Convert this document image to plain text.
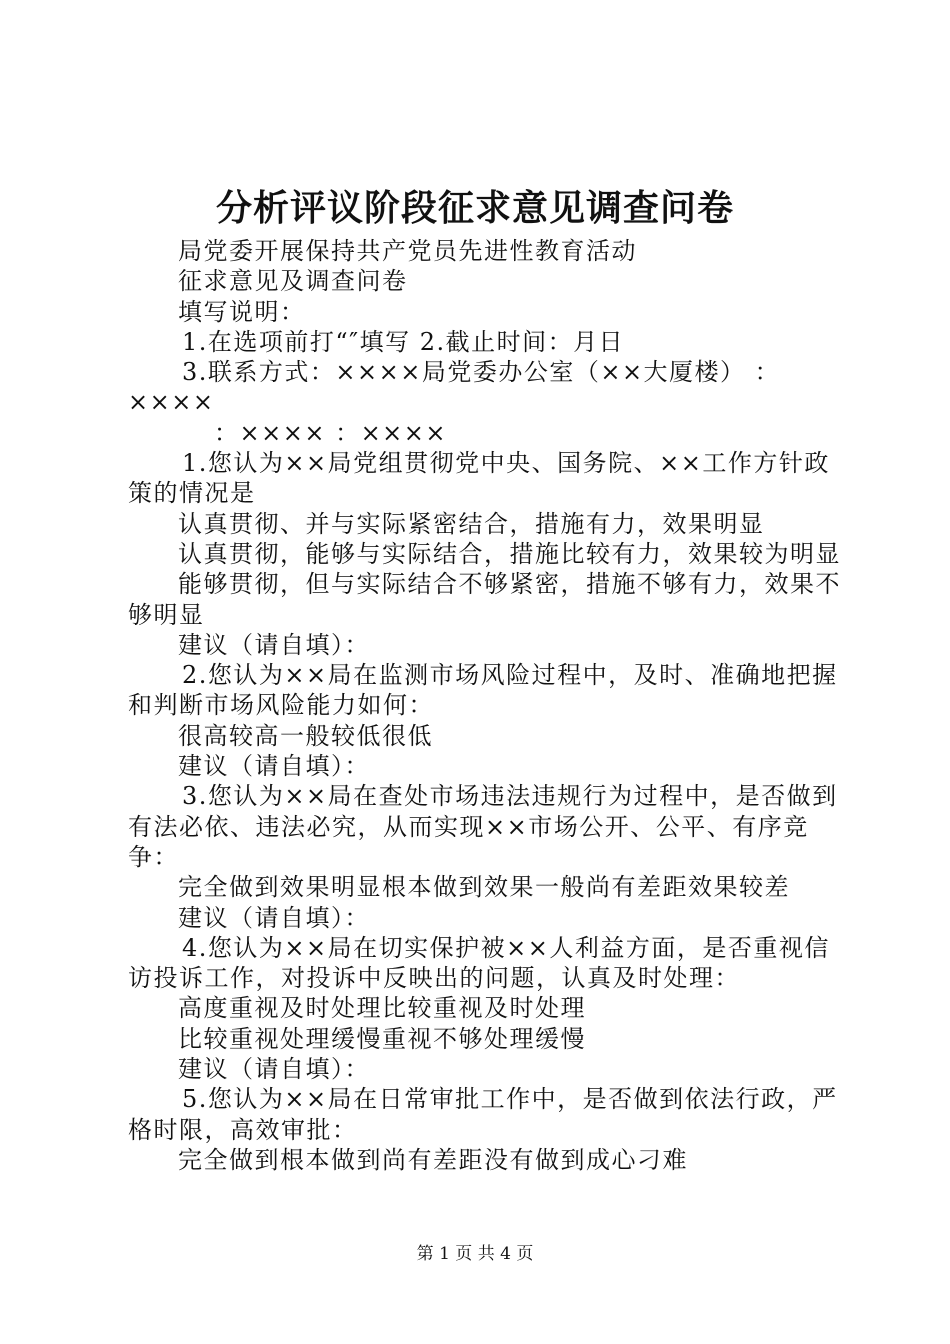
分析评议阶段征求意见调查问卷
局党委开展保持共产党员先进性教育活动
征求意见及调查问卷
填写说明：
1.在选项前打“″填写 2.截止时间：月日
3.联系方式：××××局党委办公室（××大厦楼） ：
××××
：×××× ：××××
1.您认为××局党组贯彻党中央、国务院、××工作方针政
策的情况是
认真贯彻、并与实际紧密结合，措施有力，效果明显
认真贯彻，能够与实际结合，措施比较有力，效果较为明显
能够贯彻，但与实际结合不够紧密，措施不够有力，效果不
够明显
建议（请自填）：
2.您认为××局在监测市场风险过程中，及时、准确地把握
和判断市场风险能力如何：
很高较高一般较低很低
建议（请自填）：
3.您认为××局在查处市场违法违规行为过程中，是否做到
有法必依、违法必究，从而实现××市场公开、公平、有序竞
争：
完全做到效果明显根本做到效果一般尚有差距效果较差
建议（请自填）：
4.您认为××局在切实保护被××人利益方面，是否重视信
访投诉工作，对投诉中反映出的问题，认真及时处理：
高度重视及时处理比较重视及时处理
比较重视处理缓慢重视不够处理缓慢
建议（请自填）：
5.您认为××局在日常审批工作中，是否做到依法行政，严
格时限，高效审批：
完全做到根本做到尚有差距没有做到成心刁难
第 1 页 共 4 页
